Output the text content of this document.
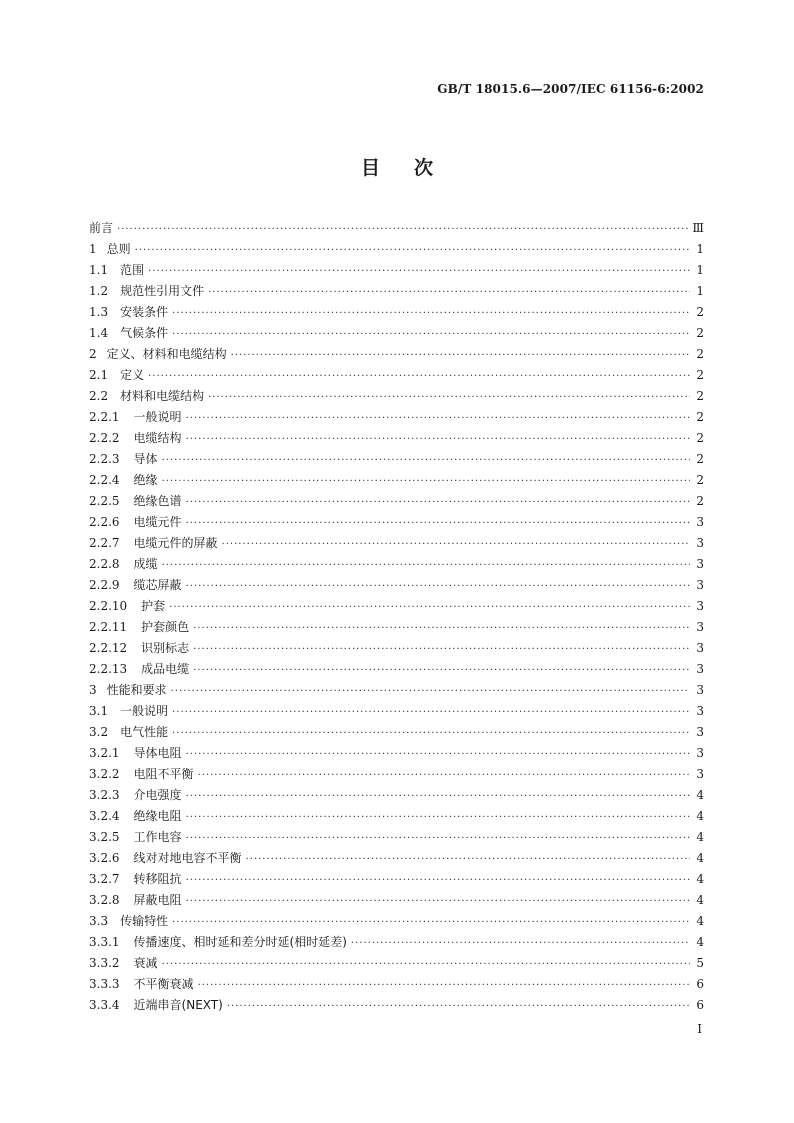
GB/T 18015.6—2007/IEC 61156-6:2002
目 次
前言 ·····	Ⅲ
1 总则 ·····	1
1.1	范围 ·····	1
1.2	规范性引用文件 ·····	1
1.3	安装条件 ·····	2
1.4	气候条件 ·····	2
2 定义、材料和电缆结构 ·····	2
2.1	定义 ·····	2
2.2	材料和电缆结构 ·····	2
2.2.1	一般说明 ·····	2
2.2.2	电缆结构 ·····	2
2.2.3	导体 ·····	2
2.2.4	绝缘 ·····	2
2.2.5	绝缘色谱 ·····	2
2.2.6	电缆元件 ·····	3
2.2.7	电缆元件的屏蔽 ·····	3
2.2.8	成缆 ·····	3
2.2.9	缆芯屏蔽 ·····	3
2.2.10	护套 ·····	3
2.2.11	护套颜色 ·····	3
2.2.12	识别标志 ·····	3
2.2.13	成品电缆 ·····	3
3 性能和要求 ·····	3
3.1	一般说明 ·····	3
3.2	电气性能 ·····	3
3.2.1	导体电阻 ·····	3
3.2.2	电阻不平衡 ·····	3
3.2.3	介电强度 ·····	4
3.2.4	绝缘电阻 ·····	4
3.2.5	工作电容 ·····	4
3.2.6	线对对地电容不平衡 ·····	4
3.2.7	转移阻抗 ·····	4
3.2.8	屏蔽电阻 ·····	4
3.3	传输特性 ·····	4
3.3.1	传播速度、相时延和差分时延(相时延差) ·····	4
3.3.2	衰减 ·····	5
3.3.3	不平衡衰减 ·····	6
3.3.4	近端串音(NEXT) ·····	6
I
